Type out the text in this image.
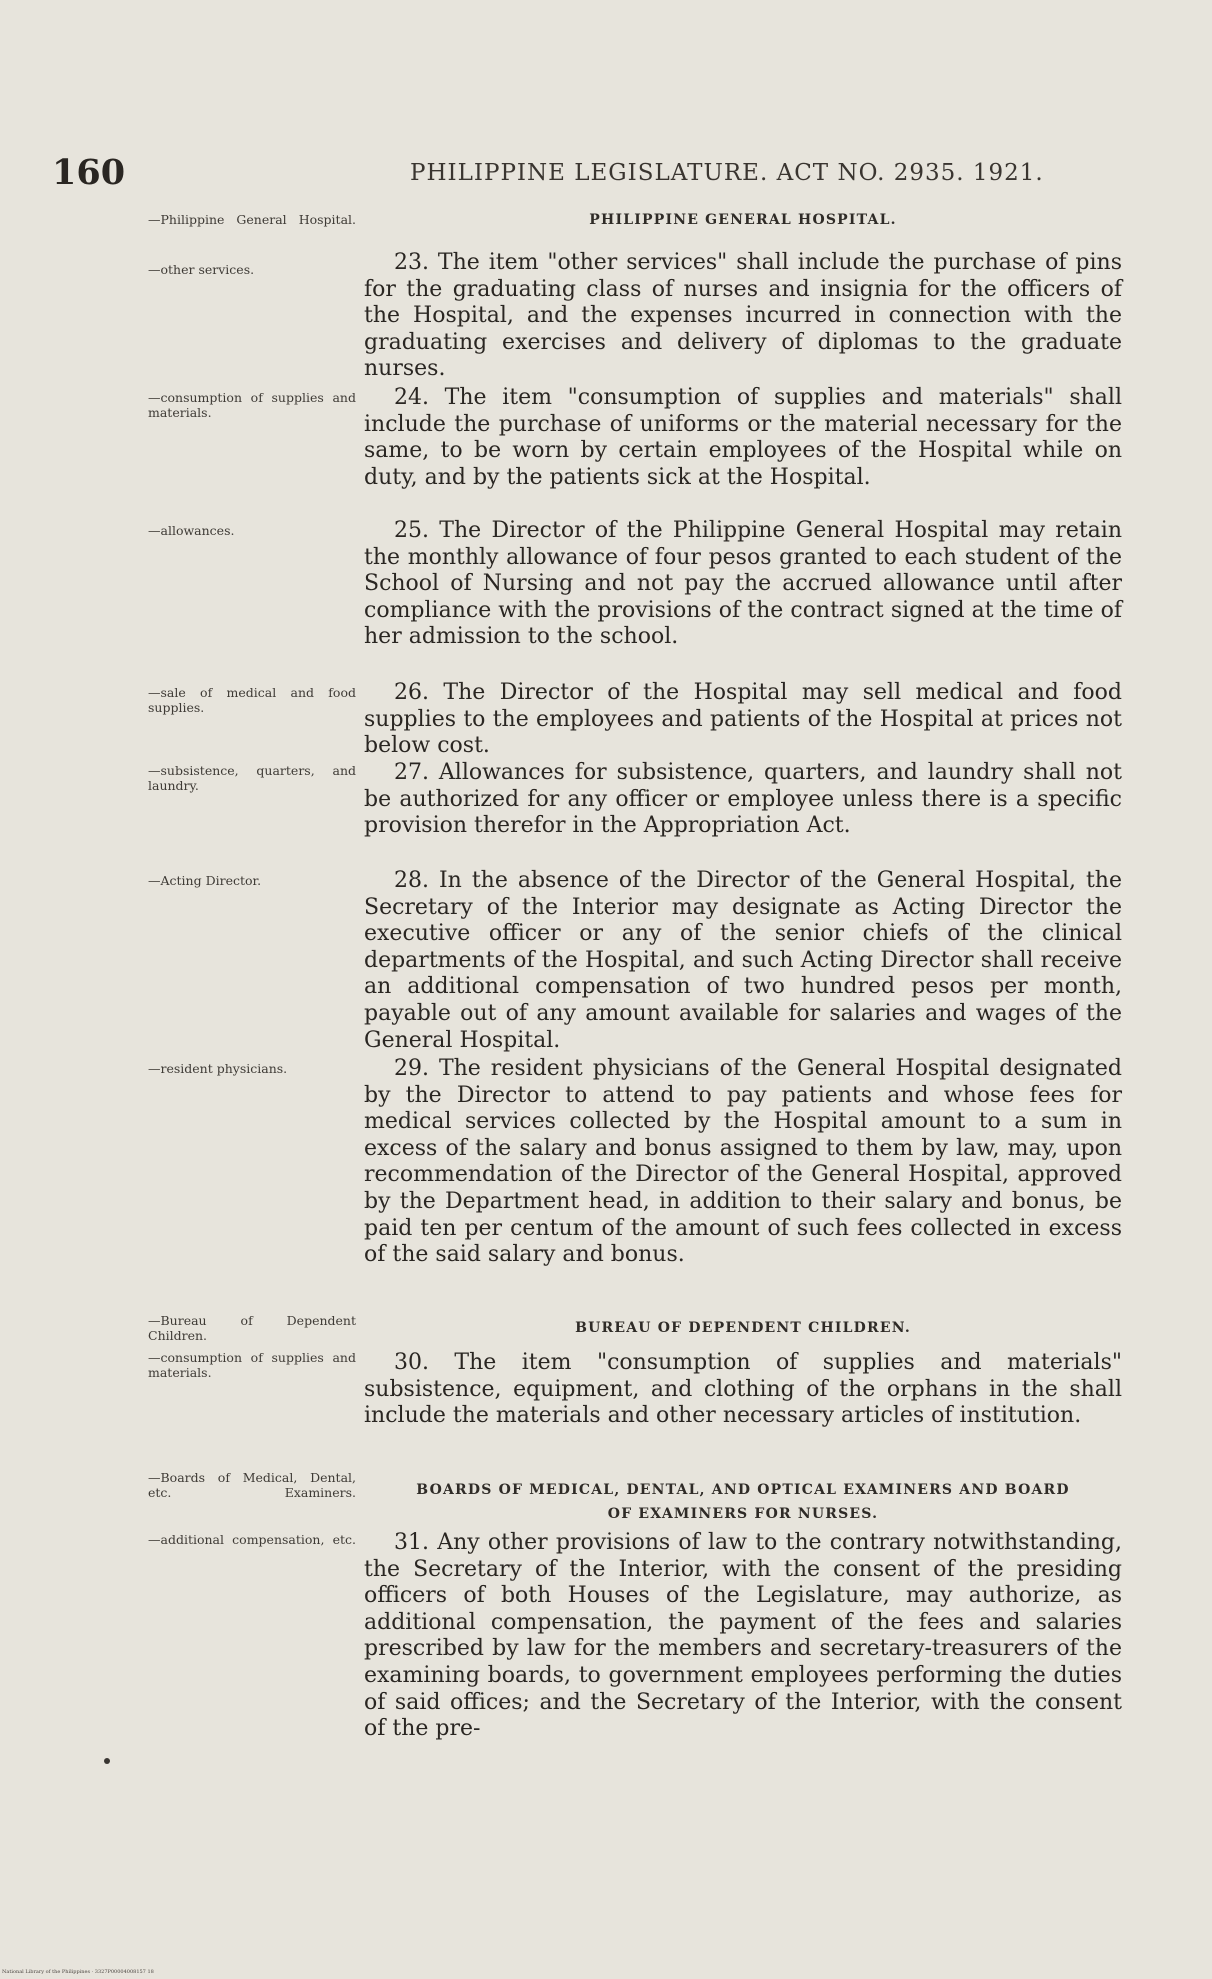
160	PHILIPPINE LEGISLATURE. ACT NO. 2935. 1921.
—Philippine General Hospital.
—other services.
—consumption of supplies and materials.
—allowances.
—sale of medical and food supplies.
—subsistence, quarters, and laundry.
—Acting Director.
—resident physicians.
—Bureau of Dependent Children.
—consumption of supplies and materials.
—Boards of Medical, Dental, etc. Examiners.
—additional compensation, etc.
PHILIPPINE GENERAL HOSPITAL.
BUREAU OF DEPENDENT CHILDREN.
BOARDS OF MEDICAL, DENTAL, AND OPTICAL EXAMINERS AND BOARD OF EXAMINERS FOR NURSES.

23. The item "other services" shall include the purchase of pins for the graduating class of nurses and insignia for the officers of the Hospital, and the expenses incurred in connection with the graduating exercises and delivery of diplomas to the graduate nurses.

24. The item "consumption of supplies and materials" shall include the purchase of uniforms or the material necessary for the same, to be worn by certain employees of the Hospital while on duty, and by the patients sick at the Hospital.

25. The Director of the Philippine General Hospital may retain the monthly allowance of four pesos granted to each student of the School of Nursing and not pay the accrued allowance until after compliance with the provisions of the contract signed at the time of her admission to the school.

26. The Director of the Hospital may sell medical and food supplies to the employees and patients of the Hospital at prices not below cost.

27. Allowances for subsistence, quarters, and laundry shall not be authorized for any officer or employee unless there is a specific provision therefor in the Appropriation Act.

28. In the absence of the Director of the General Hospital, the Secretary of the Interior may designate as Acting Director the executive officer or any of the senior chiefs of the clinical departments of the Hospital, and such Acting Director shall receive an additional compensation of two hundred pesos per month, payable out of any amount available for salaries and wages of the General Hospital.

29. The resident physicians of the General Hospital designated by the Director to attend to pay patients and whose fees for medical services collected by the Hospital amount to a sum in excess of the salary and bonus assigned to them by law, may, upon recommendation of the Director of the General Hospital, approved by the Department head, in addition to their salary and bonus, be paid ten per centum of the amount of such fees collected in excess of the said salary and bonus.

30. The item "consumption of supplies and materials" subsistence, equipment, and clothing of the orphans in the shall include the materials and other necessary articles of institution.

31. Any other provisions of law to the contrary notwithstanding, the Secretary of the Interior, with the consent of the presiding officers of both Houses of the Legislature, may authorize, as additional compensation, the payment of the fees and salaries prescribed by law for the members and secretary-treasurers of the examining boards, to government employees performing the duties of said offices; and the Secretary of the Interior, with the consent of the pre-

National Library of the Philippines · 3327P00004008157 18
